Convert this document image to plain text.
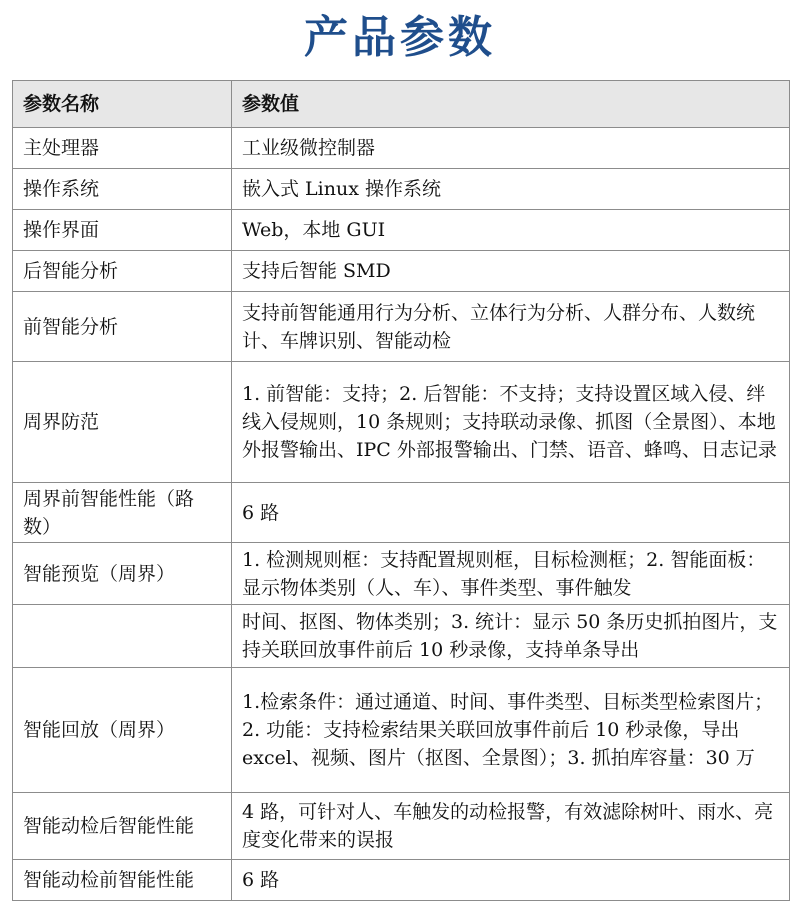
产品参数
参数名称	参数值
主处理器	工业级微控制器
操作系统	嵌入式 Linux 操作系统
操作界面	Web，本地 GUI
后智能分析	支持后智能 SMD
前智能分析	支持前智能通用行为分析、立体行为分析、人群分布、人数统计、车牌识别、智能动检
周界防范	1. 前智能：支持；2. 后智能：不支持；支持设置区域入侵、绊线入侵规则，10 条规则；支持联动录像、抓图（全景图）、本地外报警输出、IPC 外部报警输出、门禁、语音、蜂鸣、日志记录
周界前智能性能（路数）	6 路
智能预览（周界）	1. 检测规则框：支持配置规则框，目标检测框；2. 智能面板：显示物体类别（人、车）、事件类型、事件触发
	时间、抠图、物体类别；3. 统计：显示 50 条历史抓拍图片，支持关联回放事件前后 10 秒录像，支持单条导出
智能回放（周界）	1.检索条件：通过通道、时间、事件类型、目标类型检索图片；2. 功能：支持检索结果关联回放事件前后 10 秒录像，导出 excel、视频、图片（抠图、全景图）；3. 抓拍库容量：30 万
智能动检后智能性能	4 路，可针对人、车触发的动检报警，有效滤除树叶、雨水、亮度变化带来的误报
智能动检前智能性能	6 路
